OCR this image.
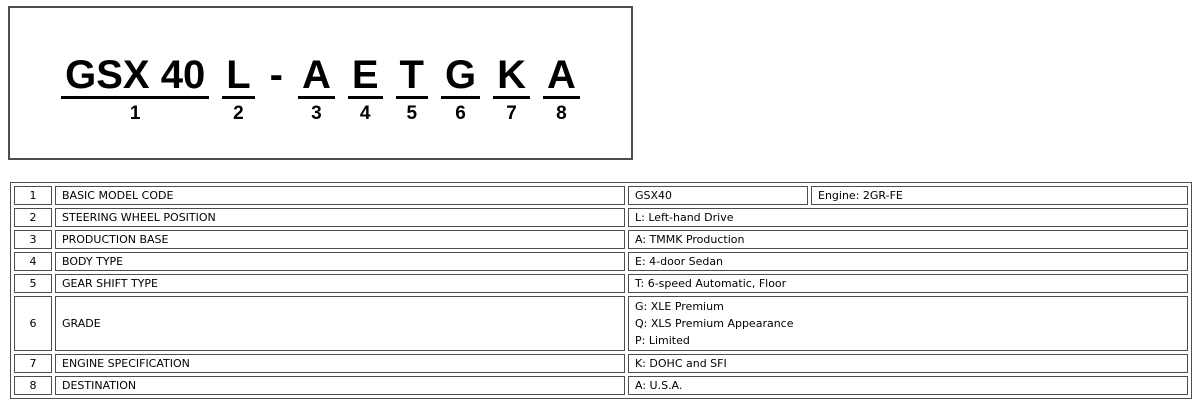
GSX 40
1
L
2
- A
3
E
4
T
5
G
6
K
7
A
8
1	BASIC MODEL CODE	GSX40	Engine: 2GR-FE
2	STEERING WHEEL POSITION	L: Left-hand Drive	
3	PRODUCTION BASE	A: TMMK Production	
4	BODY TYPE	E: 4-door Sedan	
5	GEAR SHIFT TYPE	T: 6-speed Automatic, Floor	
6	GRADE	G: XLE Premium
Q: XLS Premium Appearance
P: Limited	

7	ENGINE SPECIFICATION	K: DOHC and SFI	
8	DESTINATION	A: U.S.A.	
